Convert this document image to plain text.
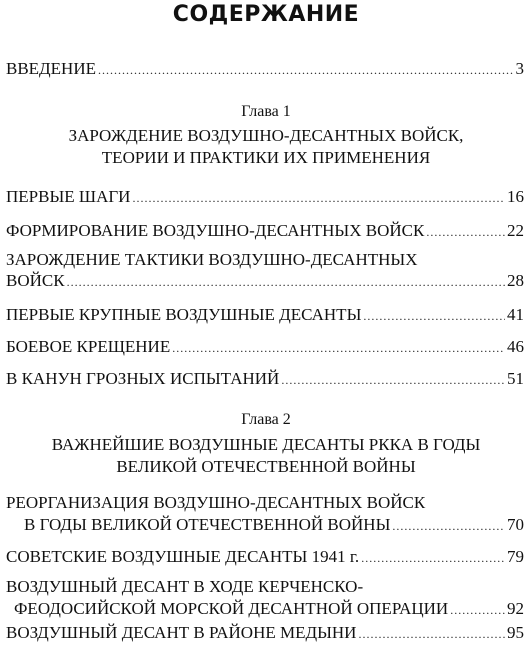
СОДЕРЖАНИЕ
ВВЕДЕНИЕ .....	3
Глава 1
ЗАРОЖДЕНИЕ ВОЗДУШНО-ДЕСАНТНЫХ ВОЙСК,
ТЕОРИИ И ПРАКТИКИ ИХ ПРИМЕНЕНИЯ
ПЕРВЫЕ ШАГИ .....	16
ФОРМИРОВАНИЕ ВОЗДУШНО-ДЕСАНТНЫХ ВОЙСК .....	22
ЗАРОЖДЕНИЕ ТАКТИКИ ВОЗДУШНО-ДЕСАНТНЫХ
ВОЙСК .....	28
ПЕРВЫЕ КРУПНЫЕ ВОЗДУШНЫЕ ДЕСАНТЫ .....	41
БОЕВОЕ КРЕЩЕНИЕ .....	46
В КАНУН ГРОЗНЫХ ИСПЫТАНИЙ .....	51
Глава 2
ВАЖНЕЙШИЕ ВОЗДУШНЫЕ ДЕСАНТЫ РККА В ГОДЫ
ВЕЛИКОЙ ОТЕЧЕСТВЕННОЙ ВОЙНЫ
РЕОРГАНИЗАЦИЯ ВОЗДУШНО-ДЕСАНТНЫХ ВОЙСК
В ГОДЫ ВЕЛИКОЙ ОТЕЧЕСТВЕННОЙ ВОЙНЫ .....	70
СОВЕТСКИЕ ВОЗДУШНЫЕ ДЕСАНТЫ 1941 г. .....	79
ВОЗДУШНЫЙ ДЕСАНТ В ХОДЕ КЕРЧЕНСКО-
ФЕОДОСИЙСКОЙ МОРСКОЙ ДЕСАНТНОЙ ОПЕРАЦИИ .....	92
ВОЗДУШНЫЙ ДЕСАНТ В РАЙОНЕ МЕДЫНИ .....	95
